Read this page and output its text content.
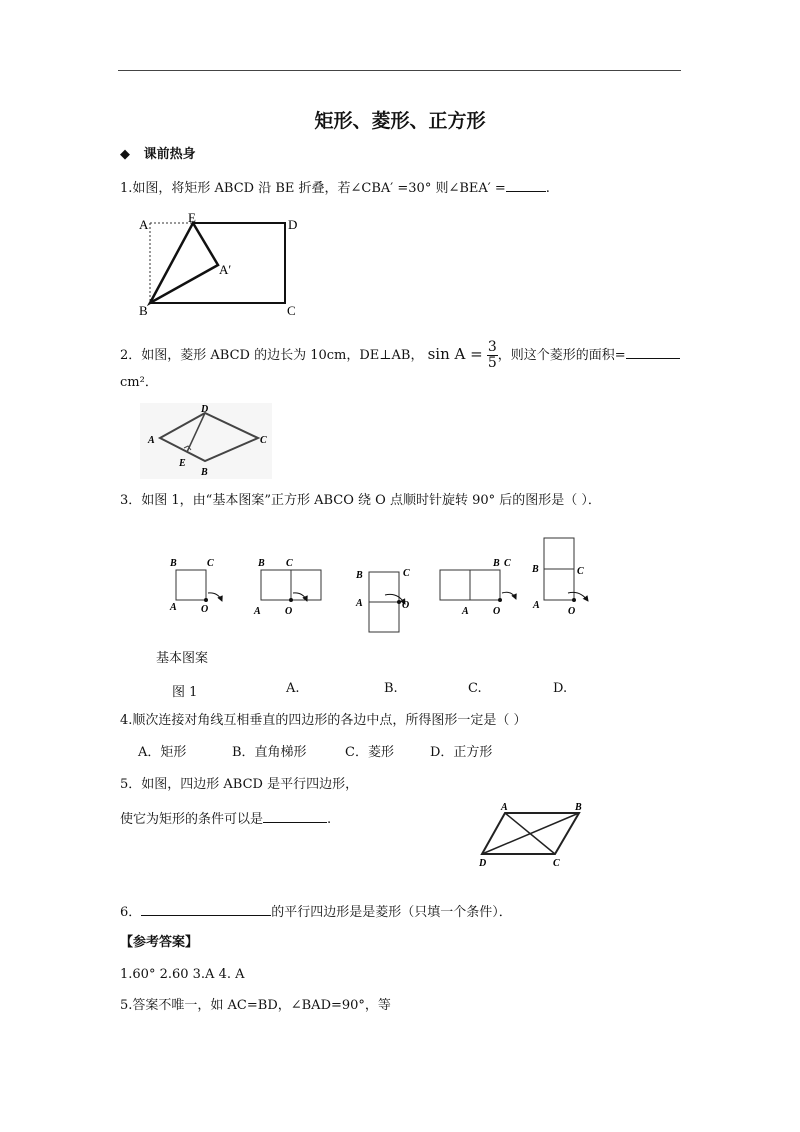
矩形、菱形、正方形
◆ 课前热身
1.如图，将矩形 ABCD 沿 BE 折叠，若∠CBA′ =30° 则∠BEA′ =	.
A	E	D
A′
B	C
2．如图，菱形 ABCD 的边长为 10cm，DE⊥AB， $\sin A = \frac{3}{5}$ ，则这个菱形的面积=
cm²．
A
D
C
B
E
3．如图 1，由“基本图案”正方形 ABCO 绕 O 点顺时针旋转 90° 后的图形是（ ）．
B	C
A O
B C
A O
B	C
A	O
A O
B C
B	C
A
O
基本图案
图 1	A.	B.	C.	D.
4.顺次连接对角线互相垂直的四边形的各边中点，所得图形一定是（ ）
A．矩形	B．直角梯形	C．菱形	D．正方形
5．如图，四边形 ABCD 是平行四边形，
使它为矩形的条件可以是	.
A	B
D	C
6．	的平行四边形是是菱形（只填一个条件）．
【参考答案】
1.60° 2.60 3.A 4. A
5.答案不唯一，如 AC=BD，∠BAD=90°，等
